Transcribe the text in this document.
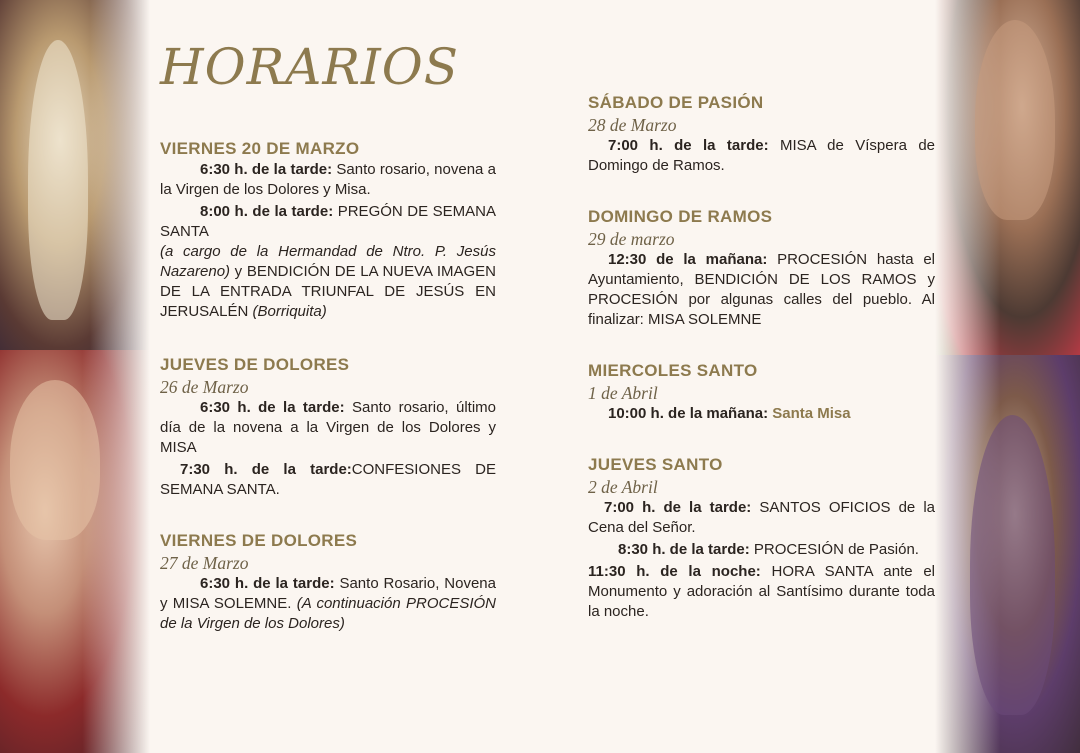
HORARIOS

VIERNES 20 DE MARZO

6:30 h. de la tarde: Santo rosario, novena a la Virgen de los Dolores y Misa.

8:00 h. de la tarde: PREGÓN DE SEMANA SANTA
(a cargo de la Hermandad de Ntro. P. Jesús Nazareno) y BENDICIÓN DE LA NUEVA IMAGEN DE LA ENTRADA TRIUNFAL DE JESÚS EN JERUSALÉN (Borriquita)

JUEVES DE DOLORES

26 de Marzo

6:30 h. de la tarde: Santo rosario, último día de la novena a la Virgen de los Dolores y MISA

7:30 h. de la tarde:CONFESIONES DE SEMANA SANTA.

VIERNES DE DOLORES

27 de Marzo

6:30 h. de la tarde: Santo Rosario, Novena y MISA SOLEMNE. (A continuación PROCESIÓN de la Virgen de los Dolores)

SÁBADO DE PASIÓN

28 de Marzo

7:00 h. de la tarde: MISA de Víspera de Domingo de Ramos.

DOMINGO DE RAMOS

29 de marzo

12:30 de la mañana: PROCESIÓN hasta el Ayuntamiento, BENDICIÓN DE LOS RAMOS y PROCESIÓN por algunas calles del pueblo. Al finalizar: MISA SOLEMNE

MIERCOLES SANTO

1 de Abril

10:00 h. de la mañana: Santa Misa

JUEVES SANTO

2 de Abril

7:00 h. de la tarde: SANTOS OFICIOS de la Cena del Señor.

8:30 h. de la tarde: PROCESIÓN de Pasión.

11:30 h. de la noche: HORA SANTA ante el Monumento y adoración al Santísimo durante toda la noche.
